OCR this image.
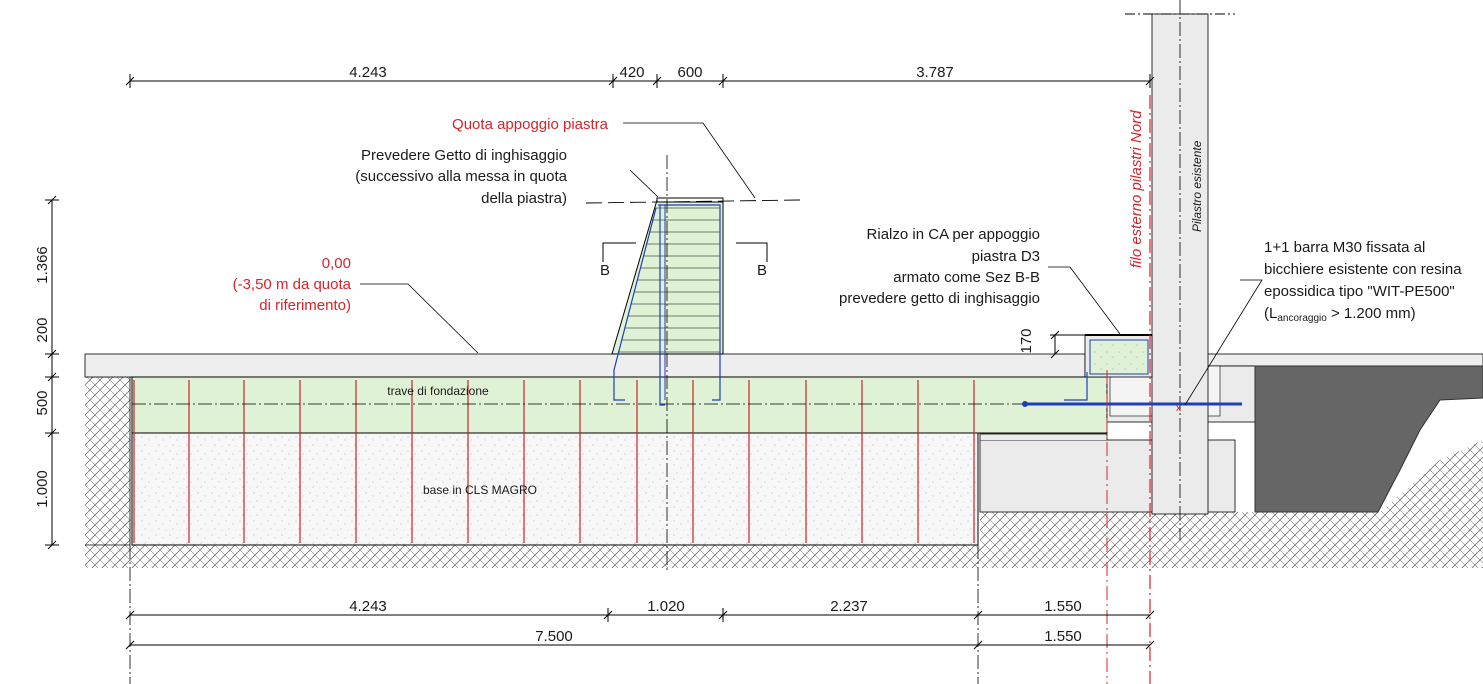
x
4.243	420 600	3.787
4.243	1.020	2.237	1.550
7.500	1.550
1.366
200
500
1.000
170
B	B
Quota appoggio piastra
Prevedere Getto di inghisaggio
(successivo alla messa in quota
della piastra)
0,00
(-3,50 m da quota
di riferimento)
Rialzo in CA per appoggio
piastra D3
armato come Sez B-B
prevedere getto di inghisaggio
1+1 barra M30 fissata al
bicchiere esistente con resina
epossidica tipo "WIT-PE500"
($L_{ancoraggio} > 1.200$ mm)
trave di fondazione
base in CLS MAGRO
filo esterno pilastri Nord	Pilastro esistente
